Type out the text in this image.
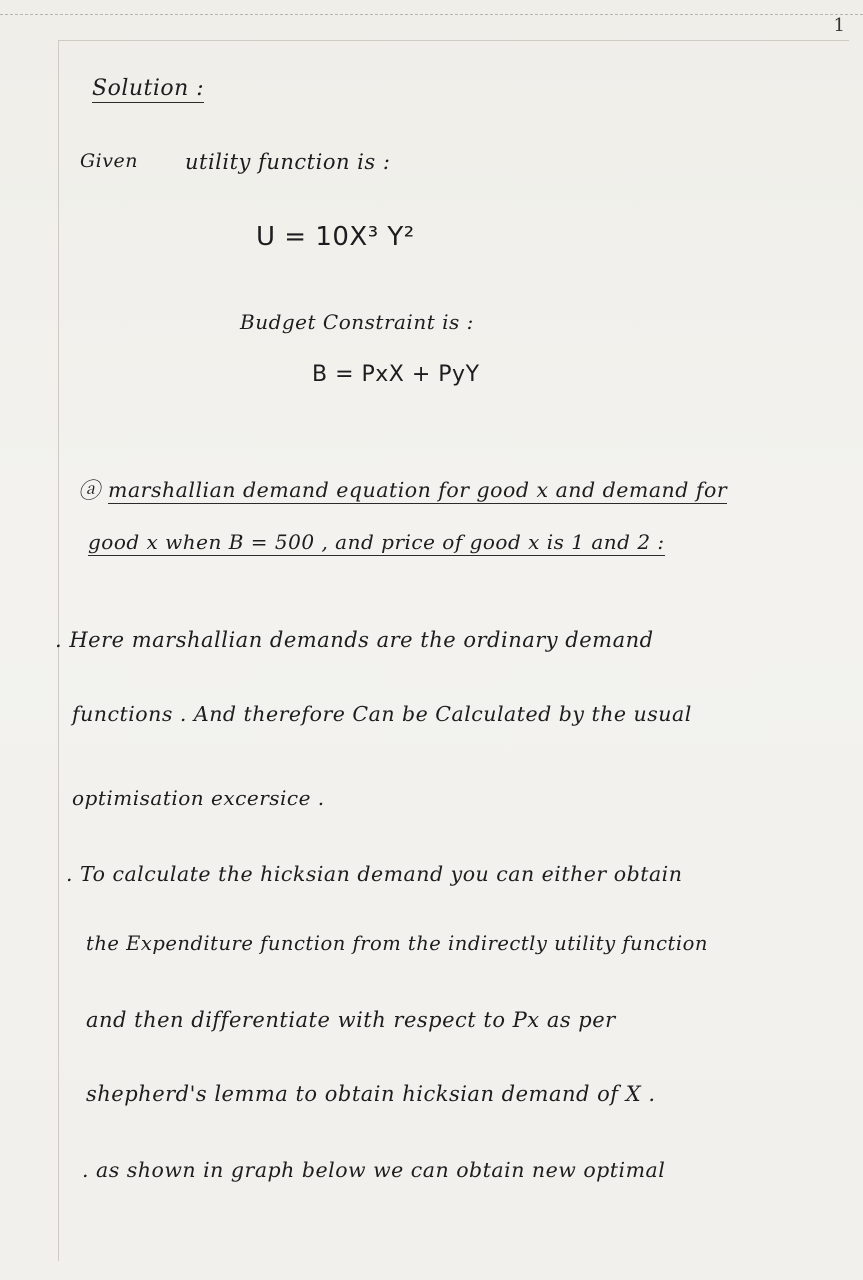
1
Solution :
Given utility function is :
U = 10X³ Y²
Budget Constraint is :
B = PxX + PyY
ⓐ marshallian demand equation for good x and demand for
good x when B = 500 , and price of good x is 1 and 2 :
. Here marshallian demands are the ordinary demand
functions . And therefore Can be Calculated by the usual
optimisation excersice .
. To calculate the hicksian demand you can either obtain
the Expenditure function from the indirectly utility function
and then differentiate with respect to Px as per
shepherd's lemma to obtain hicksian demand of X .
. as shown in graph below we can obtain new optimal
